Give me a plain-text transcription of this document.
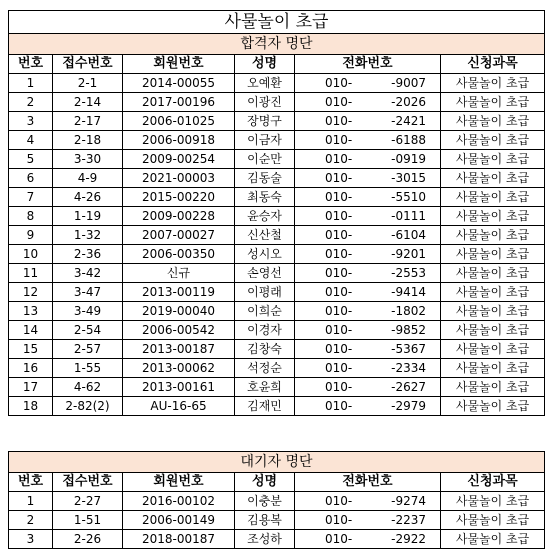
사물놀이 초급					
합격자 명단					
번호	접수번호	회원번호	성명	전화번호	신청과목
1	2-1	2014-00055	오예환	010- -9007	사물놀이 초급
2	2-14	2017-00196	이광진	010- -2026	사물놀이 초급
3	2-17	2006-01025	장명구	010- -2421	사물놀이 초급
4	2-18	2006-00918	이금자	010- -6188	사물놀이 초급
5	3-30	2009-00254	이순만	010- -0919	사물놀이 초급
6	4-9	2021-00003	김동술	010- -3015	사물놀이 초급
7	4-26	2015-00220	최동숙	010- -5510	사물놀이 초급
8	1-19	2009-00228	윤승자	010- -0111	사물놀이 초급
9	1-32	2007-00027	신산철	010- -6104	사물놀이 초급
10	2-36	2006-00350	성시오	010- -9201	사물놀이 초급
11	3-42	신규	손영선	010- -2553	사물놀이 초급
12	3-47	2013-00119	이평래	010- -9414	사물놀이 초급
13	3-49	2019-00040	이희순	010- -1802	사물놀이 초급
14	2-54	2006-00542	이경자	010- -9852	사물놀이 초급
15	2-57	2013-00187	김창숙	010- -5367	사물놀이 초급
16	1-55	2013-00062	석정순	010- -2334	사물놀이 초급
17	4-62	2013-00161	호윤희	010- -2627	사물놀이 초급
18	2-82(2)	AU-16-65	김재민	010- -2979	사물놀이 초급
대기자 명단					
번호	접수번호	회원번호	성명	전화번호	신청과목
1	2-27	2016-00102	이충분	010- -9274	사물놀이 초급
2	1-51	2006-00149	김용복	010- -2237	사물놀이 초급
3	2-26	2018-00187	조성하	010- -2922	사물놀이 초급
